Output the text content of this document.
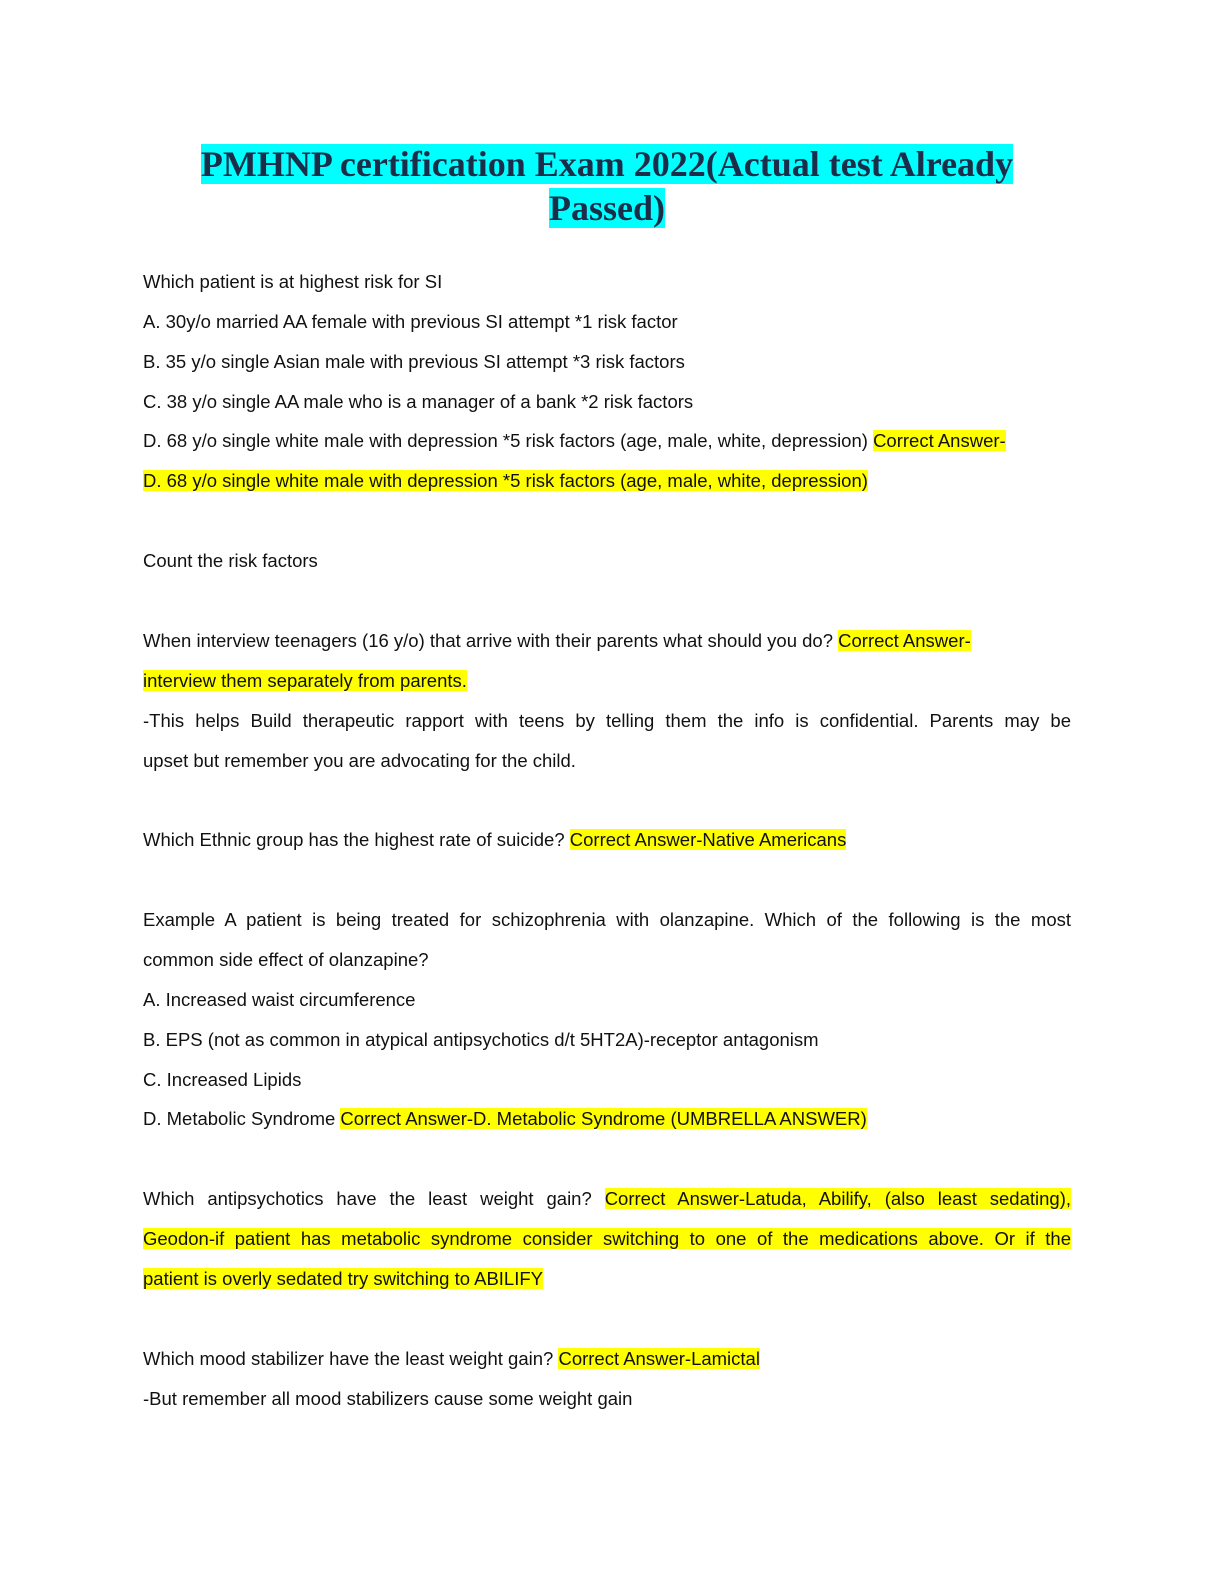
PMHNP certification Exam 2022(Actual test Already
Passed)
Which patient is at highest risk for SI
A. 30y/o married AA female with previous SI attempt *1 risk factor
B. 35 y/o single Asian male with previous SI attempt *3 risk factors
C. 38 y/o single AA male who is a manager of a bank *2 risk factors
D. 68 y/o single white male with depression *5 risk factors (age, male, white, depression) Correct Answer-
D. 68 y/o single white male with depression *5 risk factors (age, male, white, depression)
Count the risk factors
When interview teenagers (16 y/o) that arrive with their parents what should you do? Correct Answer-
interview them separately from parents.
-This helps Build therapeutic rapport with teens by telling them the info is confidential. Parents may be
upset but remember you are advocating for the child.
Which Ethnic group has the highest rate of suicide? Correct Answer-Native Americans
Example A patient is being treated for schizophrenia with olanzapine. Which of the following is the most
common side effect of olanzapine?
A. Increased waist circumference
B. EPS (not as common in atypical antipsychotics d/t 5HT2A)-receptor antagonism
C. Increased Lipids
D. Metabolic Syndrome Correct Answer-D. Metabolic Syndrome (UMBRELLA ANSWER)
Which antipsychotics have the least weight gain? Correct Answer-Latuda, Abilify, (also least sedating),
Geodon-if patient has metabolic syndrome consider switching to one of the medications above. Or if the
patient is overly sedated try switching to ABILIFY
Which mood stabilizer have the least weight gain? Correct Answer-Lamictal
-But remember all mood stabilizers cause some weight gain
